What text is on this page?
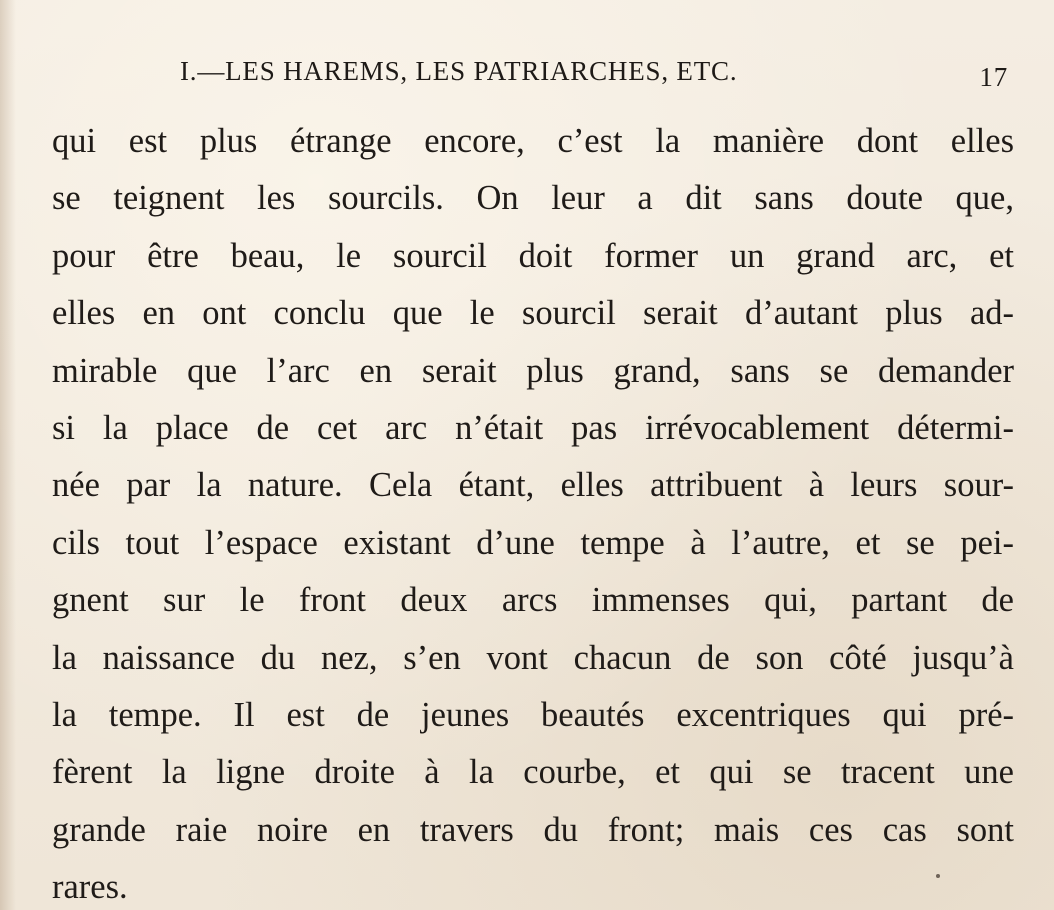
I.—LES HAREMS, LES PATRIARCHES, ETC.	17
qui est plus étrange encore, c’est la manière dont elles
se teignent les sourcils. On leur a dit sans doute que,
pour être beau, le sourcil doit former un grand arc, et
elles en ont conclu que le sourcil serait d’autant plus ad-
mirable que l’arc en serait plus grand, sans se demander
si la place de cet arc n’était pas irrévocablement détermi-
née par la nature. Cela étant, elles attribuent à leurs sour-
cils tout l’espace existant d’une tempe à l’autre, et se pei-
gnent sur le front deux arcs immenses qui, partant de
la naissance du nez, s’en vont chacun de son côté jusqu’à
la tempe. Il est de jeunes beautés excentriques qui pré-
fèrent la ligne droite à la courbe, et qui se tracent une
grande raie noire en travers du front; mais ces cas sont
rares.
